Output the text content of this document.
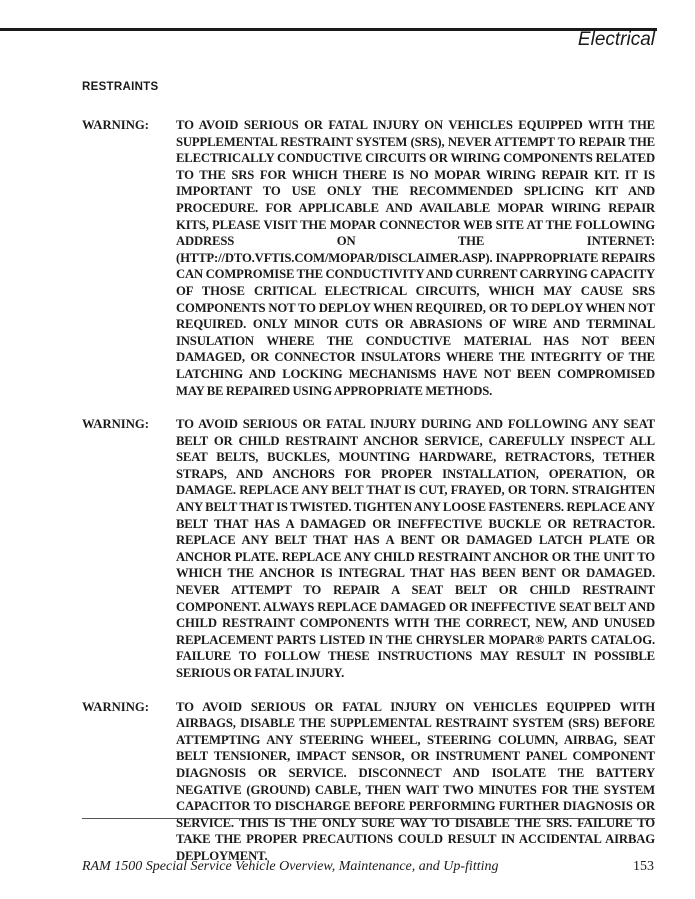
Electrical
RESTRAINTS
WARNING:	TO AVOID SERIOUS OR FATAL INJURY ON VEHICLES EQUIPPED WITH THE SUPPLEMENTAL RESTRAINT SYSTEM (SRS), NEVER ATTEMPT TO REPAIR THE ELECTRICALLY CONDUCTIVE CIRCUITS OR WIRING COMPONENTS RELATED TO THE SRS FOR WHICH THERE IS NO MOPAR WIRING REPAIR KIT. IT IS IMPORTANT TO USE ONLY THE RECOMMENDED SPLICING KIT AND PROCEDURE. FOR APPLICABLE AND AVAILABLE MOPAR WIRING REPAIR KITS, PLEASE VISIT THE MOPAR CONNECTOR WEB SITE AT THE FOLLOWING ADDRESS ON THE INTERNET: (HTTP://DTO.VFTIS.COM/MOPAR/DISCLAIMER.ASP). INAPPROPRIATE REPAIRS CAN COMPROMISE THE CONDUCTIVITY AND CURRENT CARRYING CAPACITY OF THOSE CRITICAL ELECTRICAL CIRCUITS, WHICH MAY CAUSE SRS COMPONENTS NOT TO DEPLOY WHEN REQUIRED, OR TO DEPLOY WHEN NOT REQUIRED. ONLY MINOR CUTS OR ABRASIONS OF WIRE AND TERMINAL INSULATION WHERE THE CONDUCTIVE MATERIAL HAS NOT BEEN DAMAGED, OR CONNECTOR INSULATORS WHERE THE INTEGRITY OF THE LATCHING AND LOCKING MECHANISMS HAVE NOT BEEN COMPROMISED MAY BE REPAIRED USING APPROPRIATE METHODS.
WARNING:	TO AVOID SERIOUS OR FATAL INJURY DURING AND FOLLOWING ANY SEAT BELT OR CHILD RESTRAINT ANCHOR SERVICE, CAREFULLY INSPECT ALL SEAT BELTS, BUCKLES, MOUNTING HARDWARE, RETRACTORS, TETHER STRAPS, AND ANCHORS FOR PROPER INSTALLATION, OPERATION, OR DAMAGE. REPLACE ANY BELT THAT IS CUT, FRAYED, OR TORN. STRAIGHTEN ANY BELT THAT IS TWISTED. TIGHTEN ANY LOOSE FASTENERS. REPLACE ANY BELT THAT HAS A DAMAGED OR INEFFECTIVE BUCKLE OR RETRACTOR. REPLACE ANY BELT THAT HAS A BENT OR DAMAGED LATCH PLATE OR ANCHOR PLATE. REPLACE ANY CHILD RESTRAINT ANCHOR OR THE UNIT TO WHICH THE ANCHOR IS INTEGRAL THAT HAS BEEN BENT OR DAMAGED. NEVER ATTEMPT TO REPAIR A SEAT BELT OR CHILD RESTRAINT COMPONENT. ALWAYS REPLACE DAMAGED OR INEFFECTIVE SEAT BELT AND CHILD RESTRAINT COMPONENTS WITH THE CORRECT, NEW, AND UNUSED REPLACEMENT PARTS LISTED IN THE CHRYSLER MOPAR® PARTS CATALOG. FAILURE TO FOLLOW THESE INSTRUCTIONS MAY RESULT IN POSSIBLE SERIOUS OR FATAL INJURY.
WARNING:	TO AVOID SERIOUS OR FATAL INJURY ON VEHICLES EQUIPPED WITH AIRBAGS, DISABLE THE SUPPLEMENTAL RESTRAINT SYSTEM (SRS) BEFORE ATTEMPTING ANY STEERING WHEEL, STEERING COLUMN, AIRBAG, SEAT BELT TENSIONER, IMPACT SENSOR, OR INSTRUMENT PANEL COMPONENT DIAGNOSIS OR SERVICE. DISCONNECT AND ISOLATE THE BATTERY NEGATIVE (GROUND) CABLE, THEN WAIT TWO MINUTES FOR THE SYSTEM CAPACITOR TO DISCHARGE BEFORE PERFORMING FURTHER DIAGNOSIS OR SERVICE. THIS IS THE ONLY SURE WAY TO DISABLE THE SRS. FAILURE TO TAKE THE PROPER PRECAUTIONS COULD RESULT IN ACCIDENTAL AIRBAG DEPLOYMENT.
RAM 1500 Special Service Vehicle Overview, Maintenance, and Up-fitting	153
